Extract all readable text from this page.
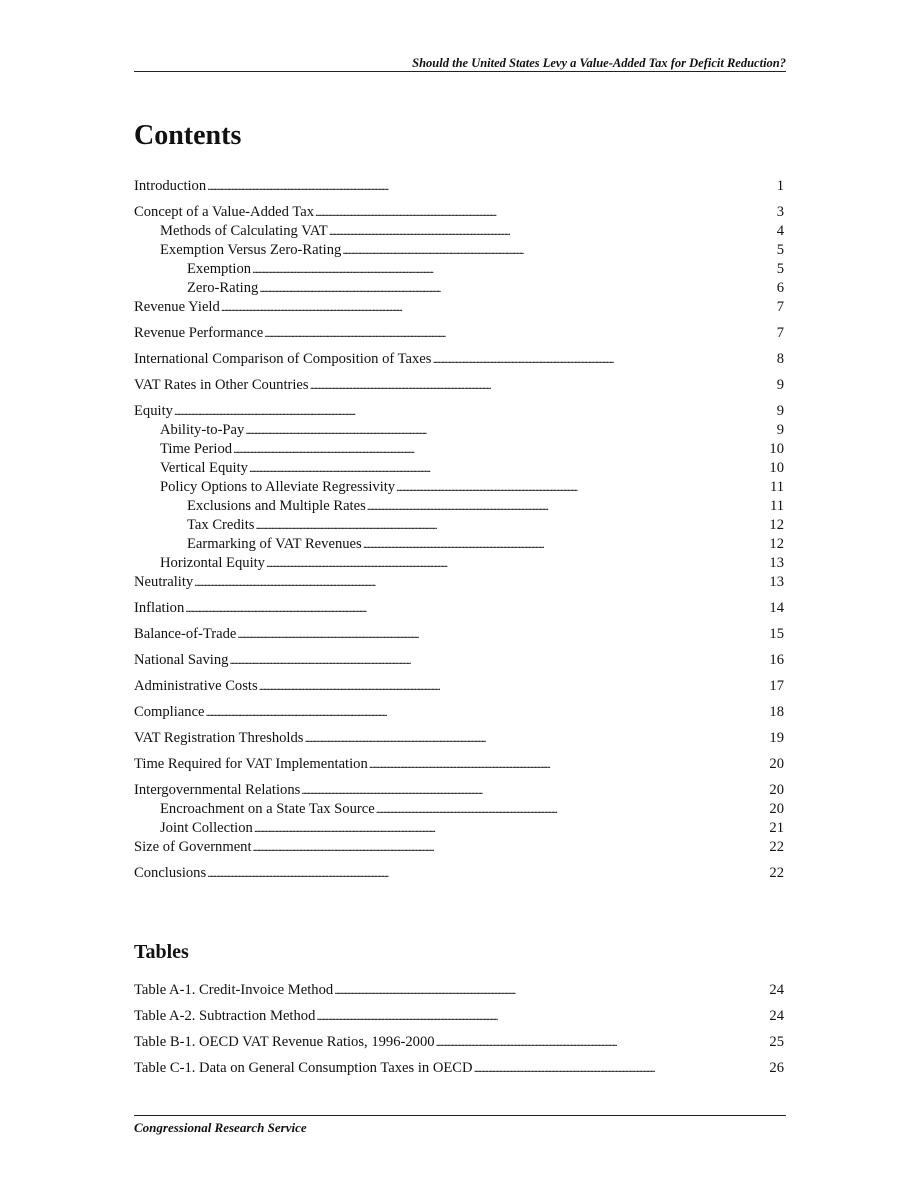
Should the United States Levy a Value-Added Tax for Deficit Reduction?
Contents
Introduction . . .	1
Concept of a Value-Added Tax . . .	3
Methods of Calculating VAT . . .	4
Exemption Versus Zero-Rating . . .	5
Exemption . . .	5
Zero-Rating . . .	6
Revenue Yield . . .	7
Revenue Performance . . .	7
International Comparison of Composition of Taxes . . .	8
VAT Rates in Other Countries . . .	9
Equity . . .	9
Ability-to-Pay . . .	9
Time Period . . .	10
Vertical Equity . . .	10
Policy Options to Alleviate Regressivity . . .	11
Exclusions and Multiple Rates . . .	11
Tax Credits . . .	12
Earmarking of VAT Revenues . . .	12
Horizontal Equity . . .	13
Neutrality . . .	13
Inflation . . .	14
Balance-of-Trade . . .	15
National Saving . . .	16
Administrative Costs . . .	17
Compliance . . .	18
VAT Registration Thresholds . . .	19
Time Required for VAT Implementation . . .	20
Intergovernmental Relations . . .	20
Encroachment on a State Tax Source . . .	20
Joint Collection . . .	21
Size of Government . . .	22
Conclusions . . .	22
Tables
Table A-1. Credit-Invoice Method . . .	24
Table A-2. Subtraction Method . . .	24
Table B-1. OECD VAT Revenue Ratios, 1996-2000 . . .	25
Table C-1. Data on General Consumption Taxes in OECD . . .	26
Congressional Research Service
